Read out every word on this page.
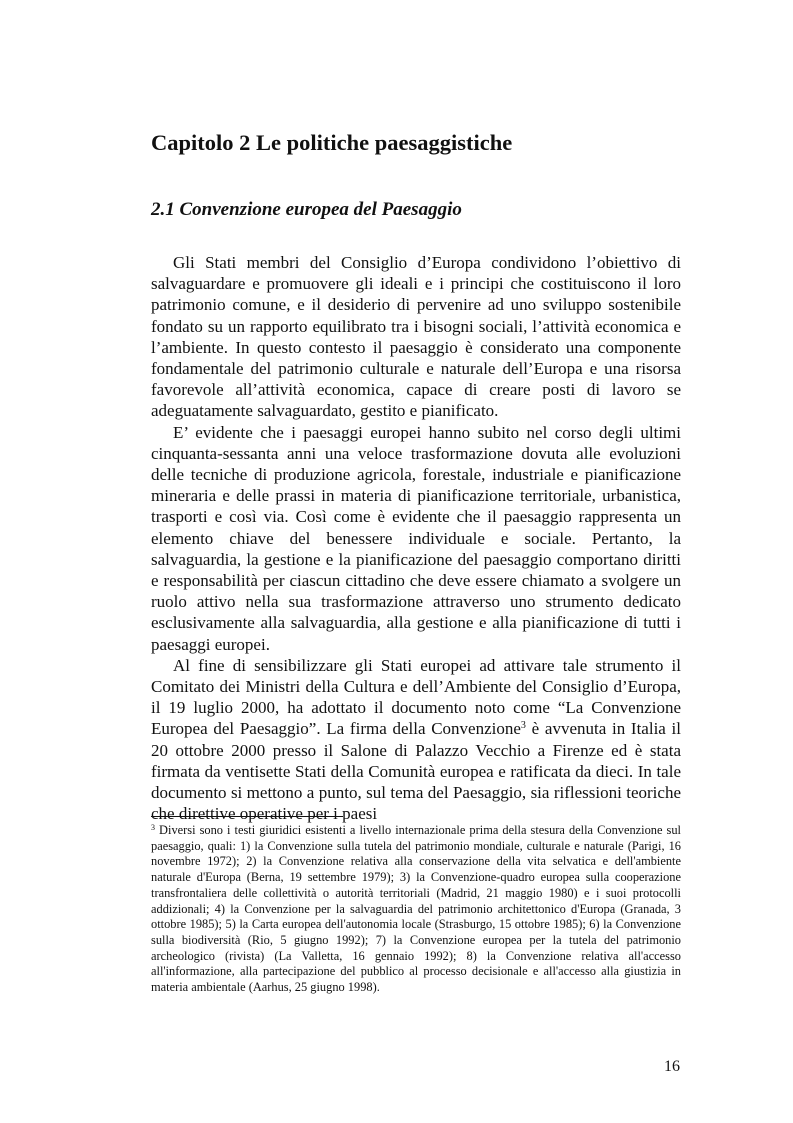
Capitolo 2 Le politiche paesaggistiche
2.1 Convenzione europea del Paesaggio

Gli Stati membri del Consiglio d’Europa condividono l’obiettivo di salvaguardare e promuovere gli ideali e i principi che costituiscono il loro patrimonio comune, e il desiderio di pervenire ad uno sviluppo sostenibile fondato su un rapporto equilibrato tra i bisogni sociali, l’attività economica e l’ambiente. In questo contesto il paesaggio è considerato una componente fondamentale del patrimonio culturale e naturale dell’Europa e una risorsa favorevole all’attività economica, capace di creare posti di lavoro se adeguatamente salvaguardato, gestito e pianificato.

E’ evidente che i paesaggi europei hanno subito nel corso degli ultimi cinquanta-sessanta anni una veloce trasformazione dovuta alle evoluzioni delle tecniche di produzione agricola, forestale, industriale e pianificazione mineraria e delle prassi in materia di pianificazione territoriale, urbanistica, trasporti e così via. Così come è evidente che il paesaggio rappresenta un elemento chiave del benessere individuale e sociale. Pertanto, la salvaguardia, la gestione e la pianificazione del paesaggio comportano diritti e responsabilità per ciascun cittadino che deve essere chiamato a svolgere un ruolo attivo nella sua trasformazione attraverso uno strumento dedicato esclusivamente alla salvaguardia, alla gestione e alla pianificazione di tutti i paesaggi europei.

Al fine di sensibilizzare gli Stati europei ad attivare tale strumento il Comitato dei Ministri della Cultura e dell’Ambiente del Consiglio d’Europa, il 19 luglio 2000, ha adottato il documento noto come “La Convenzione Europea del Paesaggio”. La firma della Convenzione$^3$ è avvenuta in Italia il 20 ottobre 2000 presso il Salone di Palazzo Vecchio a Firenze ed è stata firmata da ventisette Stati della Comunità europea e ratificata da dieci. In tale documento si mettono a punto, sul tema del Paesaggio, sia riflessioni teoriche che direttive operative per i paesi

$^3$ Diversi sono i testi giuridici esistenti a livello internazionale prima della stesura della Convenzione sul paesaggio, quali: 1) la Convenzione sulla tutela del patrimonio mondiale, culturale e naturale (Parigi, 16 novembre 1972); 2) la Convenzione relativa alla conservazione della vita selvatica e dell'ambiente naturale d'Europa (Berna, 19 settembre 1979); 3) la Convenzione-quadro europea sulla cooperazione transfrontaliera delle collettività o autorità territoriali (Madrid, 21 maggio 1980) e i suoi protocolli addizionali; 4) la Convenzione per la salvaguardia del patrimonio architettonico d'Europa (Granada, 3 ottobre 1985); 5) la Carta europea dell'autonomia locale (Strasburgo, 15 ottobre 1985); 6) la Convenzione sulla biodiversità (Rio, 5 giugno 1992); 7) la Convenzione europea per la tutela del patrimonio archeologico (rivista) (La Valletta, 16 gennaio 1992); 8) la Convenzione relativa all'accesso all'informazione, alla partecipazione del pubblico al processo decisionale e all'accesso alla giustizia in materia ambientale (Aarhus, 25 giugno 1998).

16
